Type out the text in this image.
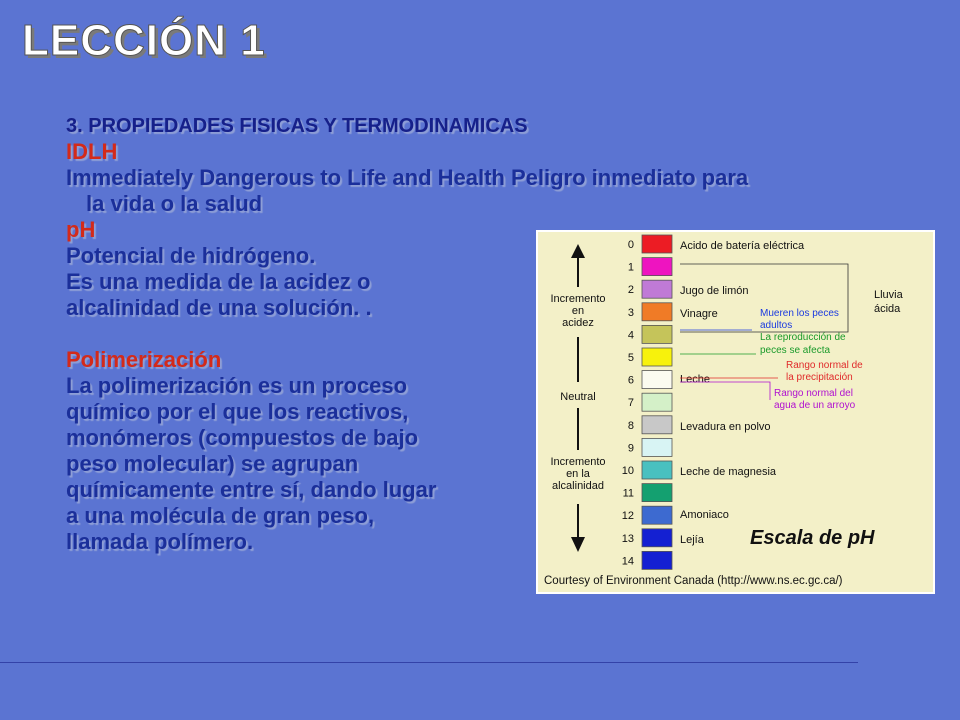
LECCIÓN 1
3. PROPIEDADES FISICAS Y TERMODINAMICAS
IDLH
Immediately Dangerous to Life and Health Peligro inmediato para
la vida o la salud
pH
Potencial de hidrógeno.
Es una medida de la acidez o
alcalinidad de una solución. .
Polimerización
La polimerización es un proceso
químico por el que los reactivos,
monómeros (compuestos de bajo
peso molecular) se agrupan
químicamente entre sí, dando lugar
a una molécula de gran peso,
llamada polímero.
0
1
2
3
4
5
6
7
8
9
10
11
12
13
14
Incremento
en
acidez
Neutral
Incremento
en la
alcalinidad
Acido de batería eléctrica
Jugo de limón
Vinagre
Leche
Levadura en polvo
Leche de magnesia
Amoniaco
Lejía
Lluvia
ácida
Mueren los peces
adultos
La reproducción de
peces se afecta
Rango normal de
la precipitación
Rango normal del
agua de un arroyo
Escala de pH
Courtesy of Environment Canada (http://www.ns.ec.gc.ca/)
